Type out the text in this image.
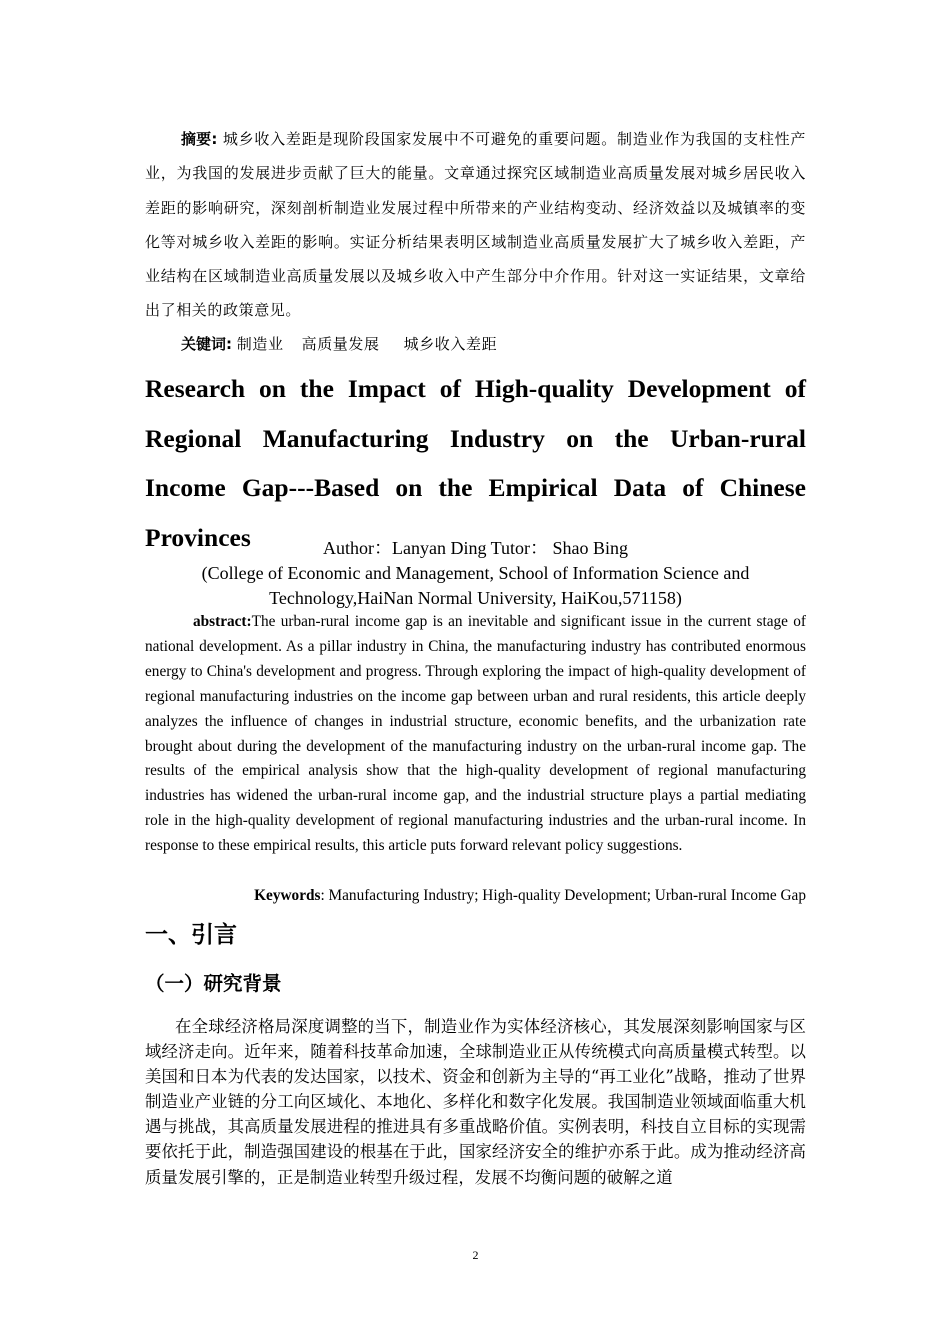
摘要: 城乡收入差距是现阶段国家发展中不可避免的重要问题。制造业作为我国的支柱性产业，为我国的发展进步贡献了巨大的能量。文章通过探究区域制造业高质量发展对城乡居民收入差距的影响研究，深刻剖析制造业发展过程中所带来的产业结构变动、经济效益以及城镇率的变化等对城乡收入差距的影响。实证分析结果表明区域制造业高质量发展扩大了城乡收入差距，产业结构在区域制造业高质量发展以及城乡收入中产生部分中介作用。针对这一实证结果，文章给出了相关的政策意见。

关键词: 制造业 高质量发展 城乡收入差距

Research on the Impact of High-quality Development of Regional Manufacturing Industry on the Urban-rural Income Gap---Based on the Empirical Data of Chinese Provinces	Author：Lanyan Ding Tutor： Shao Bing

(College of Economic and Management, School of Information Science and Technology,HaiNan Normal University, HaiKou,571158)

abstract:The urban-rural income gap is an inevitable and significant issue in the current stage of national development. As a pillar industry in China, the manufacturing industry has contributed enormous energy to China's development and progress. Through exploring the impact of high-quality development of regional manufacturing industries on the income gap between urban and rural residents, this article deeply analyzes the influence of changes in industrial structure, economic benefits, and the urbanization rate brought about during the development of the manufacturing industry on the urban-rural income gap. The results of the empirical analysis show that the high-quality development of regional manufacturing industries has widened the urban-rural income gap, and the industrial structure plays a partial mediating role in the high-quality development of regional manufacturing industries and the urban-rural income. In response to these empirical results, this article puts forward relevant policy suggestions.

Keywords: Manufacturing Industry; High-quality Development; Urban-rural Income Gap

一、引言
（一）研究背景

在全球经济格局深度调整的当下，制造业作为实体经济核心，其发展深刻影响国家与区域经济走向。近年来，随着科技革命加速，全球制造业正从传统模式向高质量模式转型。以美国和日本为代表的发达国家，以技术、资金和创新为主导的“再工业化”战略，推动了世界制造业产业链的分工向区域化、本地化、多样化和数字化发展。我国制造业领域面临重大机遇与挑战，其高质量发展进程的推进具有多重战略价值。实例表明，科技自立目标的实现需要依托于此，制造强国建设的根基在于此，国家经济安全的维护亦系于此。成为推动经济高质量发展引擎的，正是制造业转型升级过程，发展不均衡问题的破解之道

2
